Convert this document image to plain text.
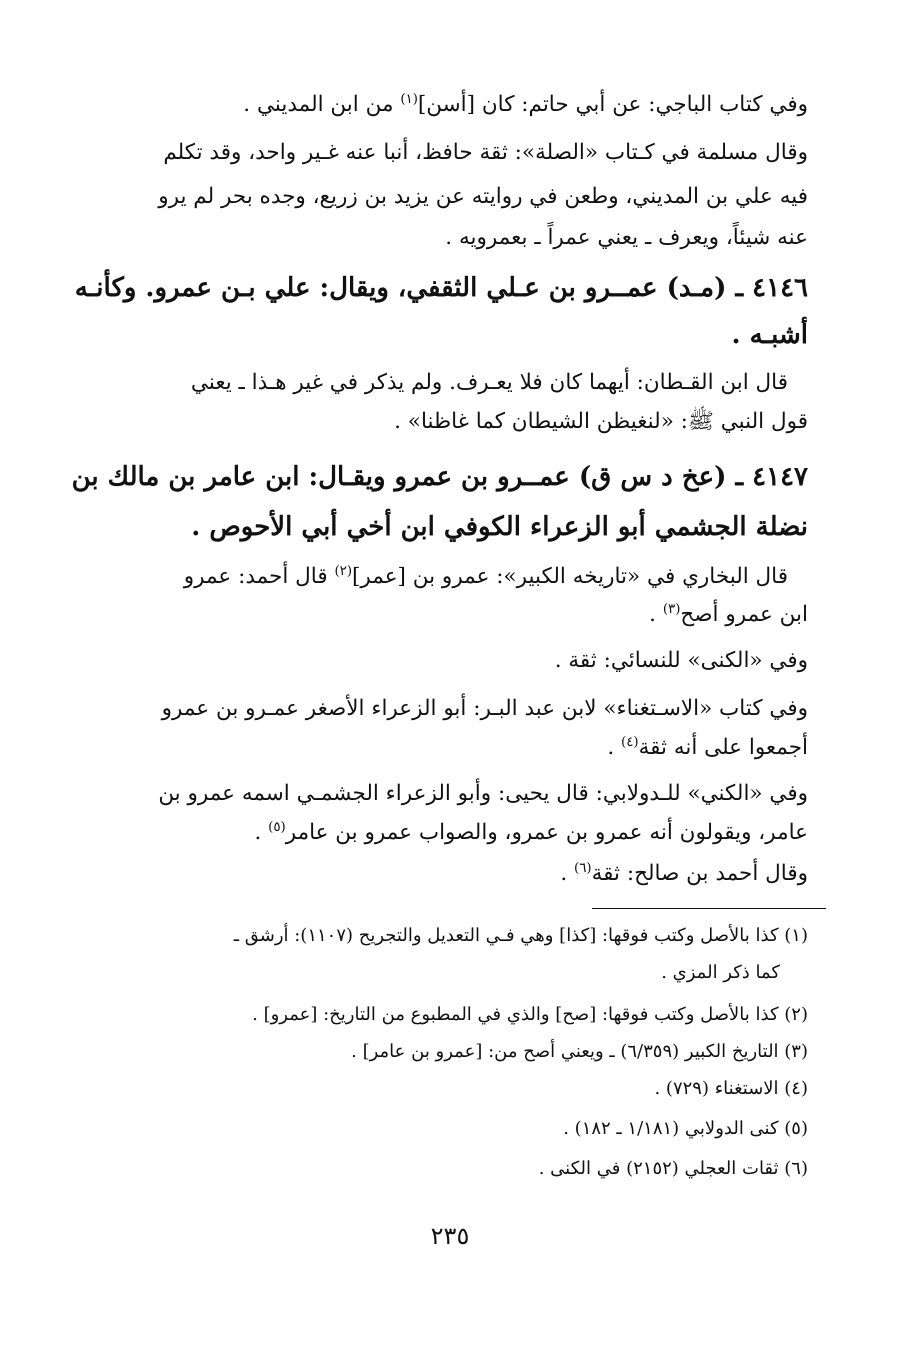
وفي كتاب الباجي: عن أبي حاتم: كان [أسن]$^{(١)}$ من ابن المديني .
وقال مسلمة في كـتاب «الصلة»: ثقة حافظ، أنبا عنه غـير واحد، وقد تكلم
فيه علي بن المديني، وطعن في روايته عن يزيد بن زريع، وجده بحر لم يرو
عنه شيئاً، ويعرف ـ يعني عمراً ـ بعمرويه .
٤١٤٦ ـ (مـد) عمــرو بن عـلي الثقفي، ويقال: علي بـن عمرو. وكأنـه
أشبـه .
قال ابن القـطان: أيهما كان فلا يعـرف. ولم يذكر في غير هـذا ـ يعني
قول النبي ﷺ: «لنغيظن الشيطان كما غاظنا» .
٤١٤٧ ـ (عخ د س ق) عمــرو بن عمرو ويقـال: ابن عامر بن مالك بن
نضلة الجشمي أبو الزعراء الكوفي ابن أخي أبي الأحوص .
قال البخاري في «تاريخه الكبير»: عمرو بن [عمر]$^{(٢)}$ قال أحمد: عمرو
ابن عمرو أصح$^{(٣)}$ .
وفي «الكنى» للنسائي: ثقة .
وفي كتاب «الاسـتغناء» لابن عبد البـر: أبو الزعراء الأصغر عمـرو بن عمرو
أجمعوا على أنه ثقة$^{(٤)}$ .
وفي «الكني» للـدولابي: قال يحيى: وأبو الزعراء الجشمـي اسمه عمرو بن
عامر، ويقولون أنه عمرو بن عمرو، والصواب عمرو بن عامر$^{(٥)}$ .
وقال أحمد بن صالح: ثقة$^{(٦)}$ .
(١) كذا بالأصل وكتب فوقها: [كذا] وهي فـي التعديل والتجريح (١١٠٧): أرشق ـ
كما ذكر المزي .
(٢) كذا بالأصل وكتب فوقها: [صح] والذي في المطبوع من التاريخ: [عمرو] .
(٣) التاريخ الكبير (٦/٣٥٩) ـ ويعني أصح من: [عمرو بن عامر] .
(٤) الاستغناء (٧٢٩) .
(٥) كنى الدولابي (١/١٨١ ـ ١٨٢) .
(٦) ثقات العجلي (٢١٥٢) في الكنى .
٢٣٥
